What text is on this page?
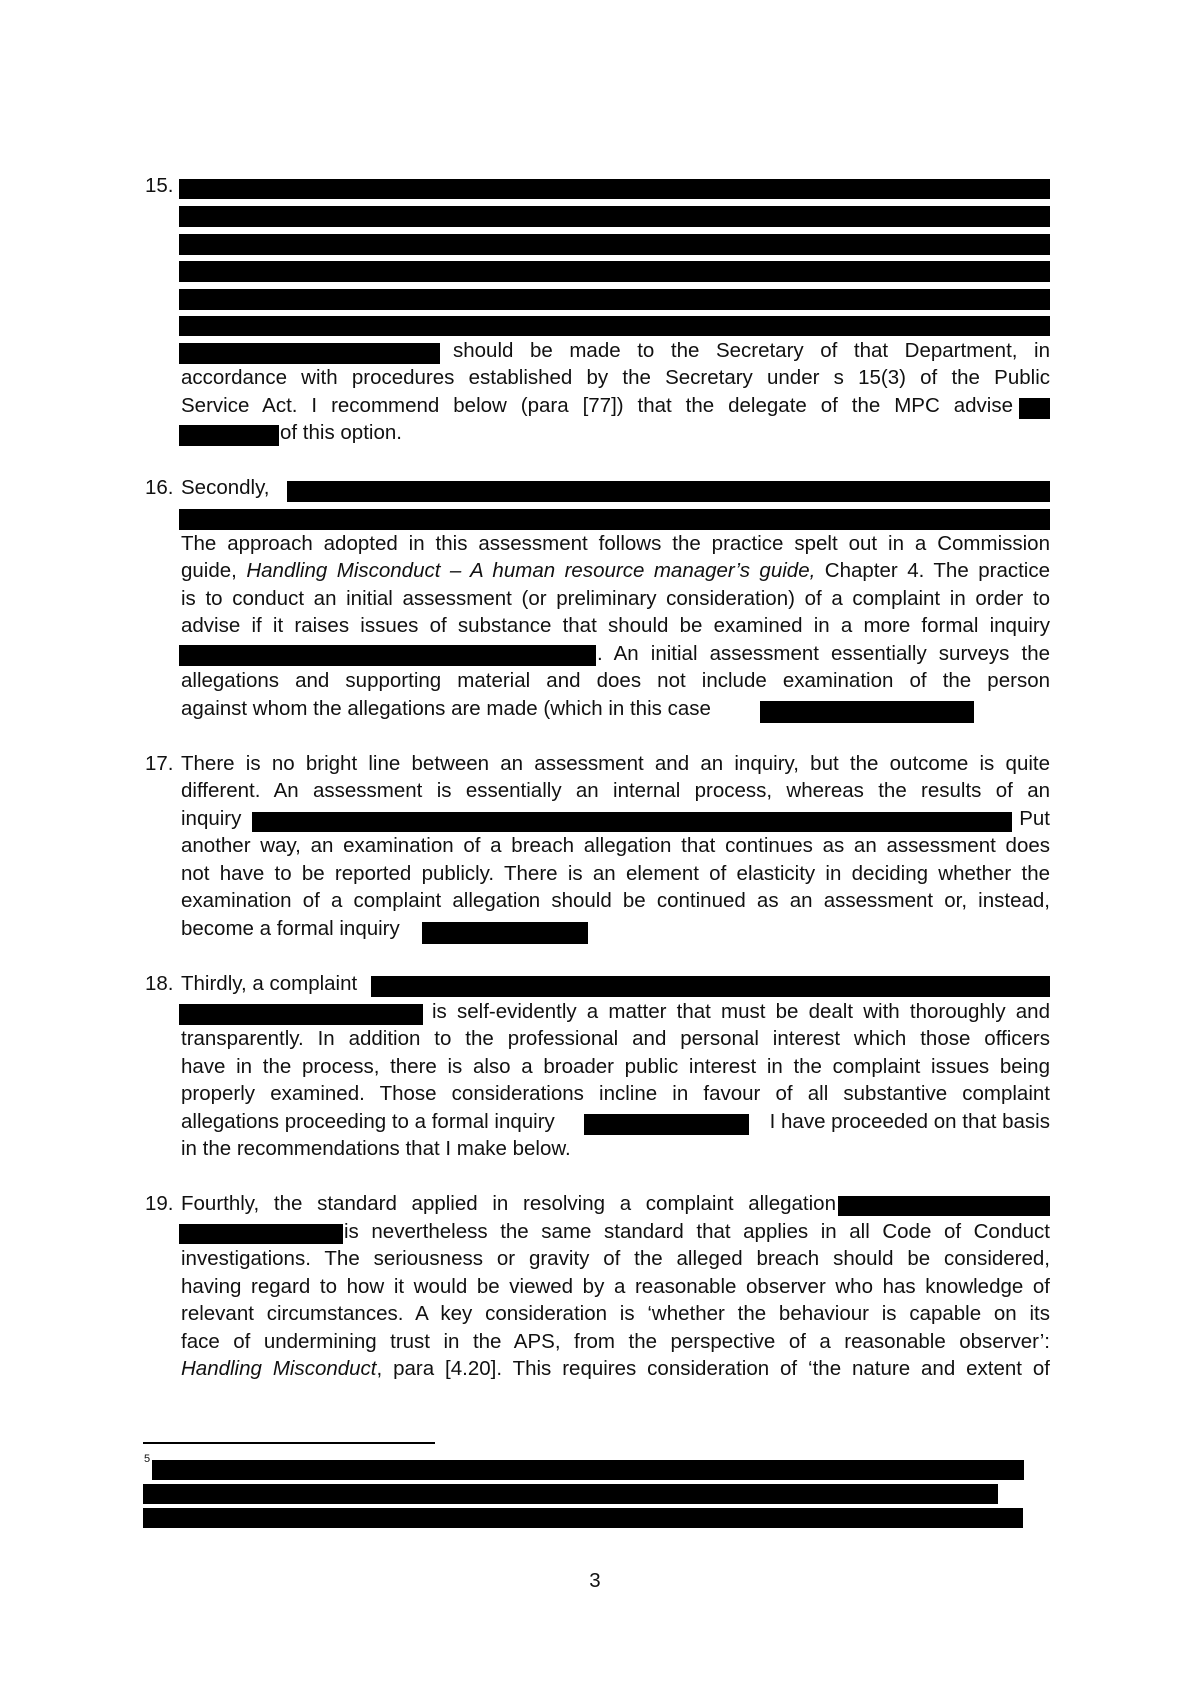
15.
should be made to the Secretary of that Department, in
accordance with procedures established by the Secretary under s 15(3) of the Public
Service Act. I recommend below (para [77]) that the delegate of the MPC advise
of this option.
16. Secondly,
The approach adopted in this assessment follows the practice spelt out in a Commission
guide, Handling Misconduct – A human resource manager’s guide, Chapter 4. The practice
is to conduct an initial assessment (or preliminary consideration) of a complaint in order to
advise if it raises issues of substance that should be examined in a more formal inquiry
. An initial assessment essentially surveys the
allegations and supporting material and does not include examination of the person
against whom the allegations are made (which in this case
17. There is no bright line between an assessment and an inquiry, but the outcome is quite
different. An assessment is essentially an internal process, whereas the results of an
inquiry	Put
another way, an examination of a breach allegation that continues as an assessment does
not have to be reported publicly. There is an element of elasticity in deciding whether the
examination of a complaint allegation should be continued as an assessment or, instead,
become a formal inquiry
18. Thirdly, a complaint
is self-evidently a matter that must be dealt with thoroughly and
transparently. In addition to the professional and personal interest which those officers
have in the process, there is also a broader public interest in the complaint issues being
properly examined. Those considerations incline in favour of all substantive complaint
allegations proceeding to a formal inquiry	I have proceeded on that basis
in the recommendations that I make below.
19. Fourthly, the standard applied in resolving a complaint allegation
is nevertheless the same standard that applies in all Code of Conduct
investigations. The seriousness or gravity of the alleged breach should be considered,
having regard to how it would be viewed by a reasonable observer who has knowledge of
relevant circumstances. A key consideration is ‘whether the behaviour is capable on its
face of undermining trust in the APS, from the perspective of a reasonable observer’:
Handling Misconduct, para [4.20]. This requires consideration of ‘the nature and extent of
5
3
